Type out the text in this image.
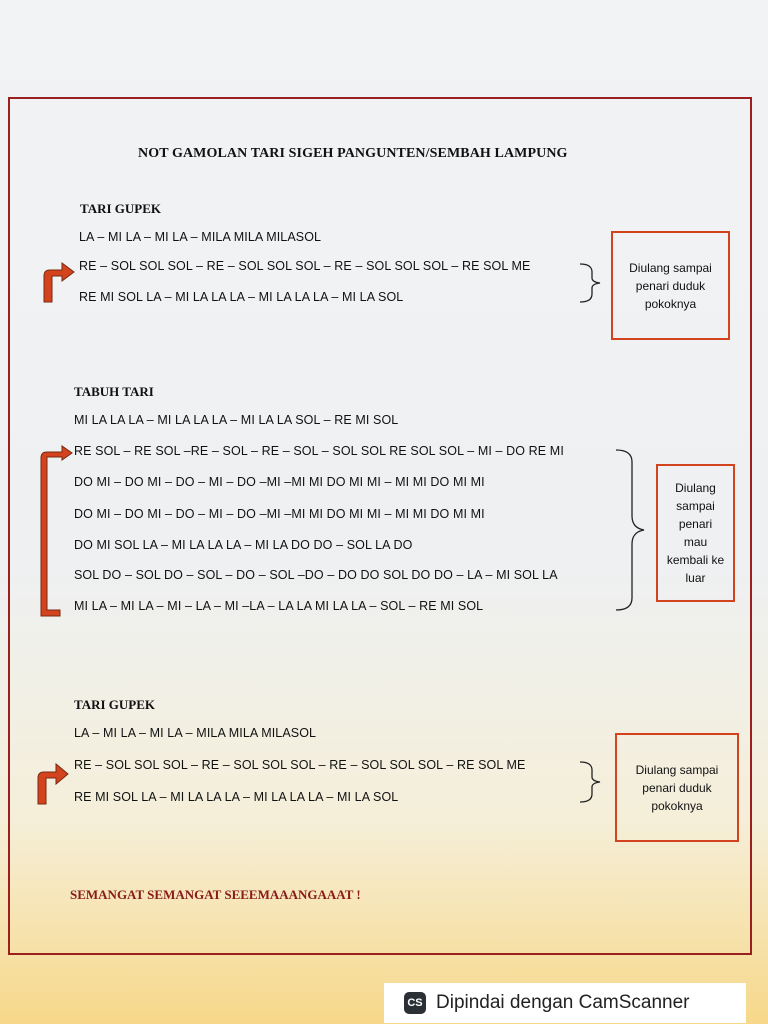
NOT GAMOLAN TARI SIGEH PANGUNTEN/SEMBAH LAMPUNG
TARI GUPEK
LA – MI LA – MI LA – MILA MILA MILASOL
RE – SOL SOL SOL – RE – SOL SOL SOL – RE – SOL SOL SOL – RE SOL ME
RE MI SOL LA – MI LA LA LA – MI LA LA LA – MI LA SOL
Diulang sampai penari duduk pokoknya
TABUH TARI
MI LA LA LA – MI LA LA LA – MI LA LA SOL – RE MI SOL
RE SOL – RE SOL –RE – SOL – RE – SOL – SOL SOL RE SOL SOL – MI – DO RE MI
DO MI – DO MI – DO – MI – DO –MI –MI MI DO MI MI – MI MI DO MI MI
DO MI – DO MI – DO – MI – DO –MI –MI MI DO MI MI – MI MI DO MI MI
DO MI SOL LA – MI LA LA LA – MI LA DO DO – SOL LA DO
SOL DO – SOL DO – SOL – DO – SOL –DO – DO DO SOL DO DO – LA – MI SOL LA
MI LA – MI LA – MI – LA – MI –LA – LA LA MI LA LA – SOL – RE MI SOL
Diulang sampai penari mau kembali ke luar
TARI GUPEK
LA – MI LA – MI LA – MILA MILA MILASOL
RE – SOL SOL SOL – RE – SOL SOL SOL – RE – SOL SOL SOL – RE SOL ME
RE MI SOL LA – MI LA LA LA – MI LA LA LA – MI LA SOL
Diulang sampai penari duduk pokoknya
SEMANGAT SEMANGAT SEEEMAAANGAAAT !
CS Dipindai dengan CamScanner
